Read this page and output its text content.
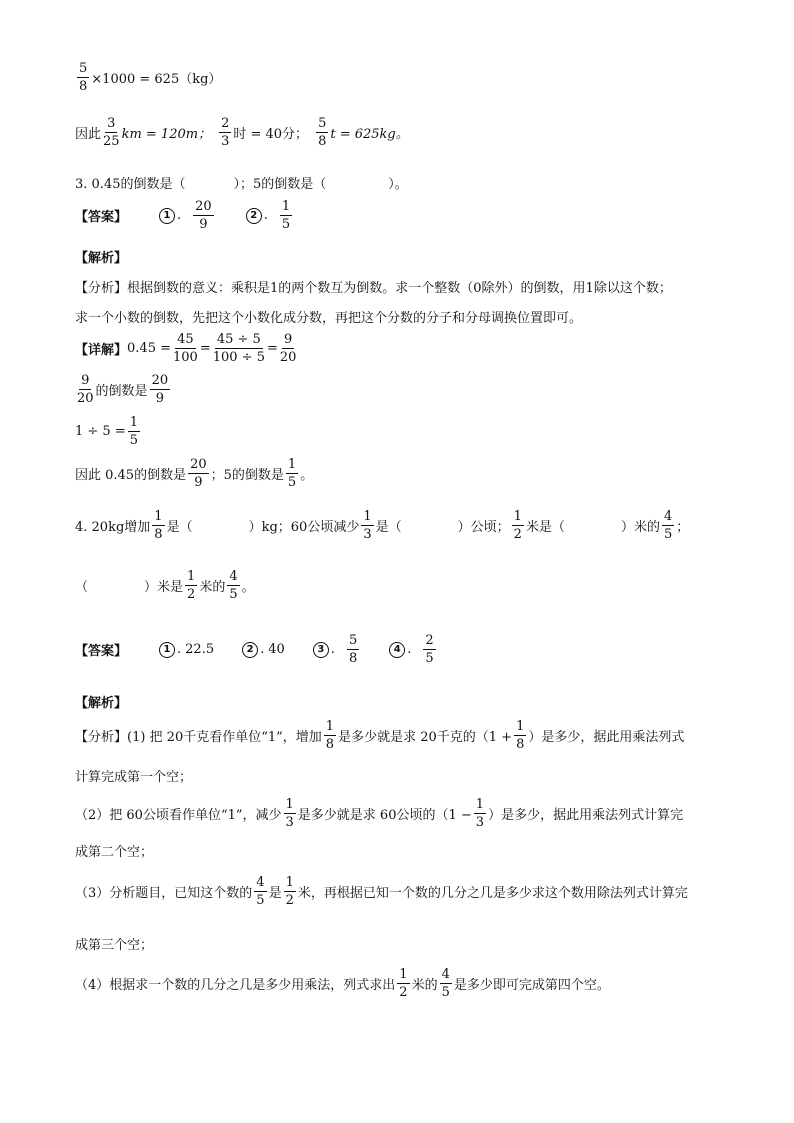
$\frac{5}{8} \times 1000 = 625(kg)$
因此 $\frac{3}{25}$ km = 120m； $\frac{2}{3}$ 时 = 40分； $\frac{5}{8}$ t = 625kg。
3. 0.45的倒数是（	）；5的倒数是（	）。
【答案】	1 . $\frac{20}{9}$	2 . $\frac{1}{5}$
【解析】
【分析】根据倒数的意义：乘积是1的两个数互为倒数。求一个整数（0除外）的倒数，用1除以这个数；
求一个小数的倒数，先把这个小数化成分数，再把这个分数的分子和分母调换位置即可。
【详解】 $0.45 = \frac{45}{100} = \frac{45 \div 5}{100 \div 5} = \frac{9}{20}$
$\frac{9}{20}$ 的倒数是 $\frac{20}{9}$
$1 \div 5 = \frac{1}{5}$
因此 0.45的倒数是 $\frac{20}{9}$ ；5的倒数是 $\frac{1}{5}$ 。
4. 20kg增加 $\frac{1}{8}$ 是（	）kg；60公顷减少 $\frac{1}{3}$ 是（	）公顷； $\frac{1}{2}$ 米是（	）米的 $\frac{4}{5}$ ；
（	）米是 $\frac{1}{2}$ 米的 $\frac{4}{5}$ 。
【答案】	1 . 22.5	2 . 40	3 . $\frac{5}{8}$	4 . $\frac{2}{5}$
【解析】
【分析】(1) 把 20千克看作单位“1”，增加 $\frac{1}{8}$ 是多少就是求 20千克的（$1 + \frac{1}{8}$ ）是多少，据此用乘法列式
计算完成第一个空；
（2）把 60公顷看作单位“1”，减少 $\frac{1}{3}$ 是多少就是求 60公顷的（$1 - \frac{1}{3}$ ）是多少，据此用乘法列式计算完
成第二个空；
（3）分析题目，已知这个数的 $\frac{4}{5}$ 是 $\frac{1}{2}$ 米，再根据已知一个数的几分之几是多少求这个数用除法列式计算完
成第三个空；
（4）根据求一个数的几分之几是多少用乘法，列式求出 $\frac{1}{2}$ 米的 $\frac{4}{5}$ 是多少即可完成第四个空。
